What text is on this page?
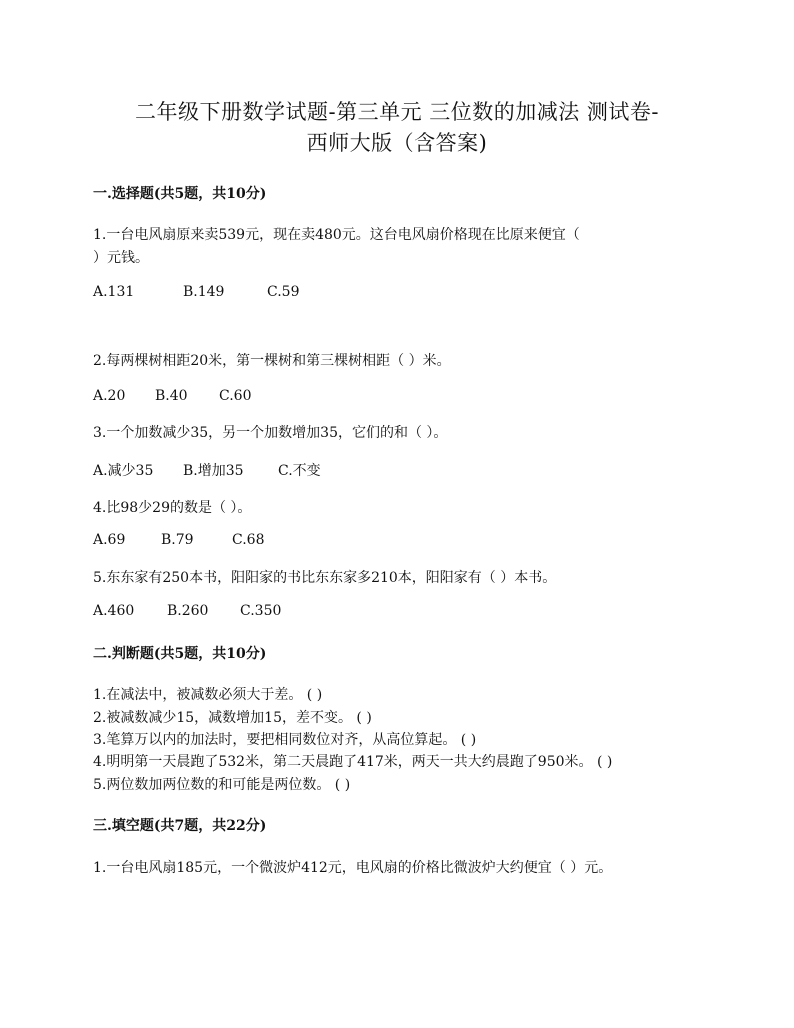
二年级下册数学试题-第三单元 三位数的加减法 测试卷-
西师大版（含答案)
一.选择题(共5题，共10分)
1.一台电风扇原来卖539元，现在卖480元。这台电风扇价格现在比原来便宜（
）元钱。
A.131	B.149	C.59
2.每两棵树相距20米，第一棵树和第三棵树相距（ ）米。
A.20 B.40 C.60
3.一个加数减少35，另一个加数增加35，它们的和（ ）。
A.减少35 B.增加35 C.不变
4.比98少29的数是（ ）。
A.69	B.79	C.68
5.东东家有250本书，阳阳家的书比东东家多210本，阳阳家有（ ）本书。
A.460 B.260 C.350
二.判断题(共5题，共10分)
1.在减法中，被减数必须大于差。 ( )
2.被减数减少15，减数增加15，差不变。 ( )
3.笔算万以内的加法时，要把相同数位对齐，从高位算起。 ( )
4.明明第一天晨跑了532米，第二天晨跑了417米，两天一共大约晨跑了950米。 ( )
5.两位数加两位数的和可能是两位数。 ( )
三.填空题(共7题，共22分)
1.一台电风扇185元，一个微波炉412元，电风扇的价格比微波炉大约便宜（ ）元。
